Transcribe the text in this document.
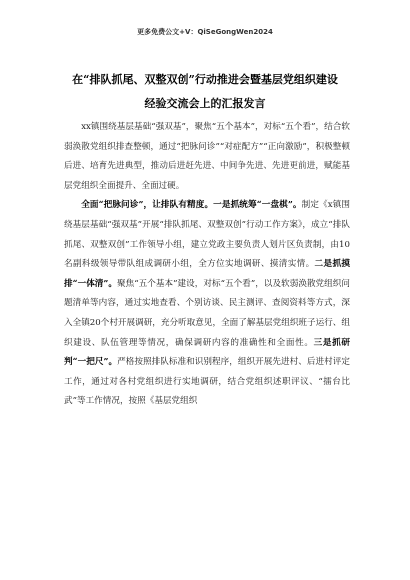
更多免费公文+V：QiSeGongWen2024
在“排队抓尾、双整双创”行动推进会暨基层党组织建设
经验交流会上的汇报发言

xx镇围绕基层基础“强双基”，聚焦“五个基本”，对标“五个看”，结合软弱涣散党组织排查整顿，通过“把脉问诊”“对症配方”“正向激励”，积极整顿后进、培育先进典型，推动后进赶先进、中间争先进、先进更前进，赋能基层党组织全面提升、全面过硬。

全面“把脉问诊”，让排队有精度。一是抓统筹“一盘棋”。制定《x镇围绕基层基础“强双基”开展“排队抓尾、双整双创”行动工作方案》，成立“排队抓尾、双整双创”工作领导小组，建立党政主要负责人划片区负责制，由10名副科级领导带队组成调研小组，全方位实地调研、摸清实情。二是抓摸排“一体清”。聚焦“五个基本”建设，对标“五个看”，以及软弱涣散党组织问题清单等内容，通过实地查看、个别访谈、民主测评、查阅资料等方式，深入全镇20个村开展调研，充分听取意见，全面了解基层党组织班子运行、组织建设、队伍管理等情况，确保调研内容的准确性和全面性。三是抓研判“一把尺”。严格按照排队标准和识别程序，组织开展先进村、后进村评定工作，通过对各村党组织进行实地调研，结合党组织述职评议、“擂台比武”等工作情况，按照《基层党组织
